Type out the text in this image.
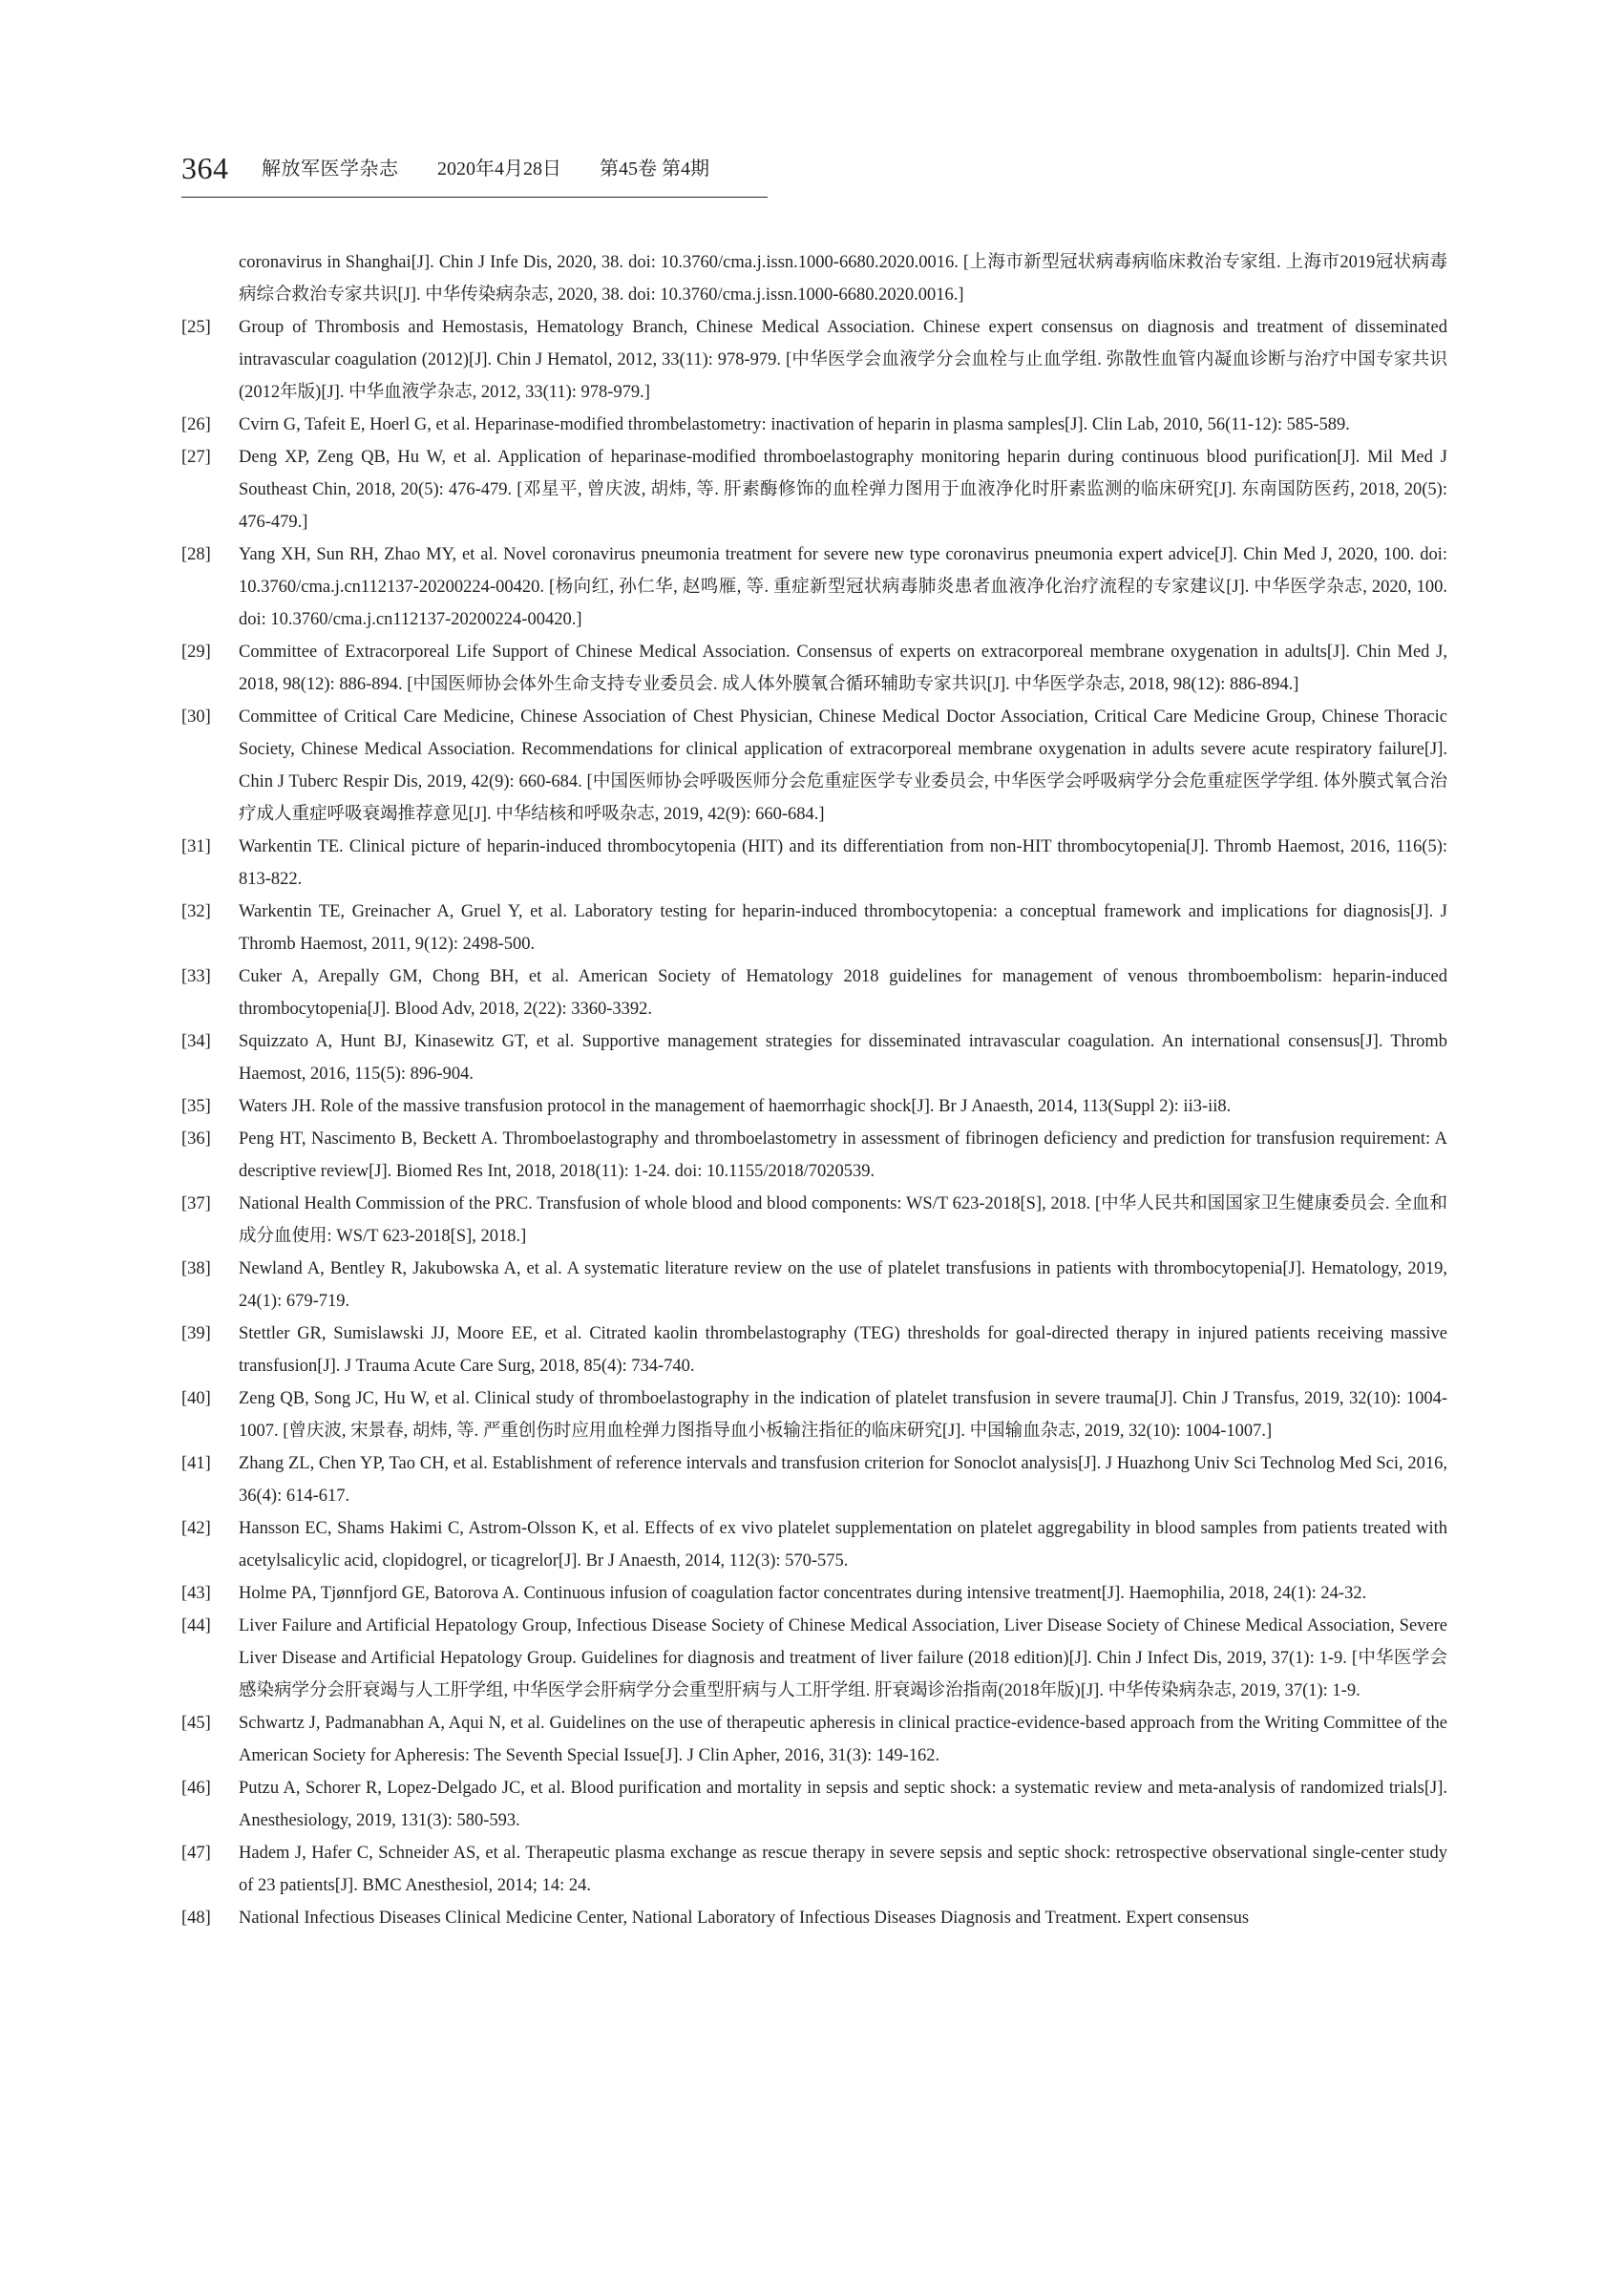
364 解放军医学杂志 2020年4月28日 第45卷 第4期
coronavirus in Shanghai[J]. Chin J Infe Dis, 2020, 38. doi: 10.3760/cma.j.issn.1000-6680.2020.0016. [上海市新型冠状病毒病临床救治专家组. 上海市2019冠状病毒病综合救治专家共识[J]. 中华传染病杂志, 2020, 38. doi: 10.3760/cma.j.issn.1000-6680.2020.0016.]
[25] Group of Thrombosis and Hemostasis, Hematology Branch, Chinese Medical Association. Chinese expert consensus on diagnosis and treatment of disseminated intravascular coagulation (2012)[J]. Chin J Hematol, 2012, 33(11): 978-979. [中华医学会血液学分会血栓与止血学组. 弥散性血管内凝血诊断与治疗中国专家共识(2012年版)[J]. 中华血液学杂志, 2012, 33(11): 978-979.]
[26] Cvirn G, Tafeit E, Hoerl G, et al. Heparinase-modified thrombelastometry: inactivation of heparin in plasma samples[J]. Clin Lab, 2010, 56(11-12): 585-589.
[27] Deng XP, Zeng QB, Hu W, et al. Application of heparinase-modified thromboelastography monitoring heparin during continuous blood purification[J]. Mil Med J Southeast Chin, 2018, 20(5): 476-479. [邓星平, 曾庆波, 胡炜, 等. 肝素酶修饰的血栓弹力图用于血液净化时肝素监测的临床研究[J]. 东南国防医药, 2018, 20(5): 476-479.]
[28] Yang XH, Sun RH, Zhao MY, et al. Novel coronavirus pneumonia treatment for severe new type coronavirus pneumonia expert advice[J]. Chin Med J, 2020, 100. doi: 10.3760/cma.j.cn112137-20200224-00420. [杨向红, 孙仁华, 赵鸣雁, 等. 重症新型冠状病毒肺炎患者血液净化治疗流程的专家建议[J]. 中华医学杂志, 2020, 100. doi: 10.3760/cma.j.cn112137-20200224-00420.]
[29] Committee of Extracorporeal Life Support of Chinese Medical Association. Consensus of experts on extracorporeal membrane oxygenation in adults[J]. Chin Med J, 2018, 98(12): 886-894. [中国医师协会体外生命支持专业委员会. 成人体外膜氧合循环辅助专家共识[J]. 中华医学杂志, 2018, 98(12): 886-894.]
[30] Committee of Critical Care Medicine, Chinese Association of Chest Physician, Chinese Medical Doctor Association, Critical Care Medicine Group, Chinese Thoracic Society, Chinese Medical Association. Recommendations for clinical application of extracorporeal membrane oxygenation in adults severe acute respiratory failure[J]. Chin J Tuberc Respir Dis, 2019, 42(9): 660-684. [中国医师协会呼吸医师分会危重症医学专业委员会, 中华医学会呼吸病学分会危重症医学学组. 体外膜式氧合治疗成人重症呼吸衰竭推荐意见[J]. 中华结核和呼吸杂志, 2019, 42(9): 660-684.]
[31] Warkentin TE. Clinical picture of heparin-induced thrombocytopenia (HIT) and its differentiation from non-HIT thrombocytopenia[J]. Thromb Haemost, 2016, 116(5): 813-822.
[32] Warkentin TE, Greinacher A, Gruel Y, et al. Laboratory testing for heparin-induced thrombocytopenia: a conceptual framework and implications for diagnosis[J]. J Thromb Haemost, 2011, 9(12): 2498-500.
[33] Cuker A, Arepally GM, Chong BH, et al. American Society of Hematology 2018 guidelines for management of venous thromboembolism: heparin-induced thrombocytopenia[J]. Blood Adv, 2018, 2(22): 3360-3392.
[34] Squizzato A, Hunt BJ, Kinasewitz GT, et al. Supportive management strategies for disseminated intravascular coagulation. An international consensus[J]. Thromb Haemost, 2016, 115(5): 896-904.
[35] Waters JH. Role of the massive transfusion protocol in the management of haemorrhagic shock[J]. Br J Anaesth, 2014, 113(Suppl 2): ii3-ii8.
[36] Peng HT, Nascimento B, Beckett A. Thromboelastography and thromboelastometry in assessment of fibrinogen deficiency and prediction for transfusion requirement: A descriptive review[J]. Biomed Res Int, 2018, 2018(11): 1-24. doi: 10.1155/2018/7020539.
[37] National Health Commission of the PRC. Transfusion of whole blood and blood components: WS/T 623-2018[S], 2018. [中华人民共和国国家卫生健康委员会. 全血和成分血使用: WS/T 623-2018[S], 2018.]
[38] Newland A, Bentley R, Jakubowska A, et al. A systematic literature review on the use of platelet transfusions in patients with thrombocytopenia[J]. Hematology, 2019, 24(1): 679-719.
[39] Stettler GR, Sumislawski JJ, Moore EE, et al. Citrated kaolin thrombelastography (TEG) thresholds for goal-directed therapy in injured patients receiving massive transfusion[J]. J Trauma Acute Care Surg, 2018, 85(4): 734-740.
[40] Zeng QB, Song JC, Hu W, et al. Clinical study of thromboelastography in the indication of platelet transfusion in severe trauma[J]. Chin J Transfus, 2019, 32(10): 1004-1007. [曾庆波, 宋景春, 胡炜, 等. 严重创伤时应用血栓弹力图指导血小板输注指征的临床研究[J]. 中国输血杂志, 2019, 32(10): 1004-1007.]
[41] Zhang ZL, Chen YP, Tao CH, et al. Establishment of reference intervals and transfusion criterion for Sonoclot analysis[J]. J Huazhong Univ Sci Technolog Med Sci, 2016, 36(4): 614-617.
[42] Hansson EC, Shams Hakimi C, Astrom-Olsson K, et al. Effects of ex vivo platelet supplementation on platelet aggregability in blood samples from patients treated with acetylsalicylic acid, clopidogrel, or ticagrelor[J]. Br J Anaesth, 2014, 112(3): 570-575.
[43] Holme PA, Tjønnfjord GE, Batorova A. Continuous infusion of coagulation factor concentrates during intensive treatment[J]. Haemophilia, 2018, 24(1): 24-32.
[44] Liver Failure and Artificial Hepatology Group, Infectious Disease Society of Chinese Medical Association, Liver Disease Society of Chinese Medical Association, Severe Liver Disease and Artificial Hepatology Group. Guidelines for diagnosis and treatment of liver failure (2018 edition)[J]. Chin J Infect Dis, 2019, 37(1): 1-9. [中华医学会感染病学分会肝衰竭与人工肝学组, 中华医学会肝病学分会重型肝病与人工肝学组. 肝衰竭诊治指南(2018年版)[J]. 中华传染病杂志, 2019, 37(1): 1-9.
[45] Schwartz J, Padmanabhan A, Aqui N, et al. Guidelines on the use of therapeutic apheresis in clinical practice-evidence-based approach from the Writing Committee of the American Society for Apheresis: The Seventh Special Issue[J]. J Clin Apher, 2016, 31(3): 149-162.
[46] Putzu A, Schorer R, Lopez-Delgado JC, et al. Blood purification and mortality in sepsis and septic shock: a systematic review and meta-analysis of randomized trials[J]. Anesthesiology, 2019, 131(3): 580-593.
[47] Hadem J, Hafer C, Schneider AS, et al. Therapeutic plasma exchange as rescue therapy in severe sepsis and septic shock: retrospective observational single-center study of 23 patients[J]. BMC Anesthesiol, 2014; 14: 24.
[48] National Infectious Diseases Clinical Medicine Center, National Laboratory of Infectious Diseases Diagnosis and Treatment. Expert consensus
